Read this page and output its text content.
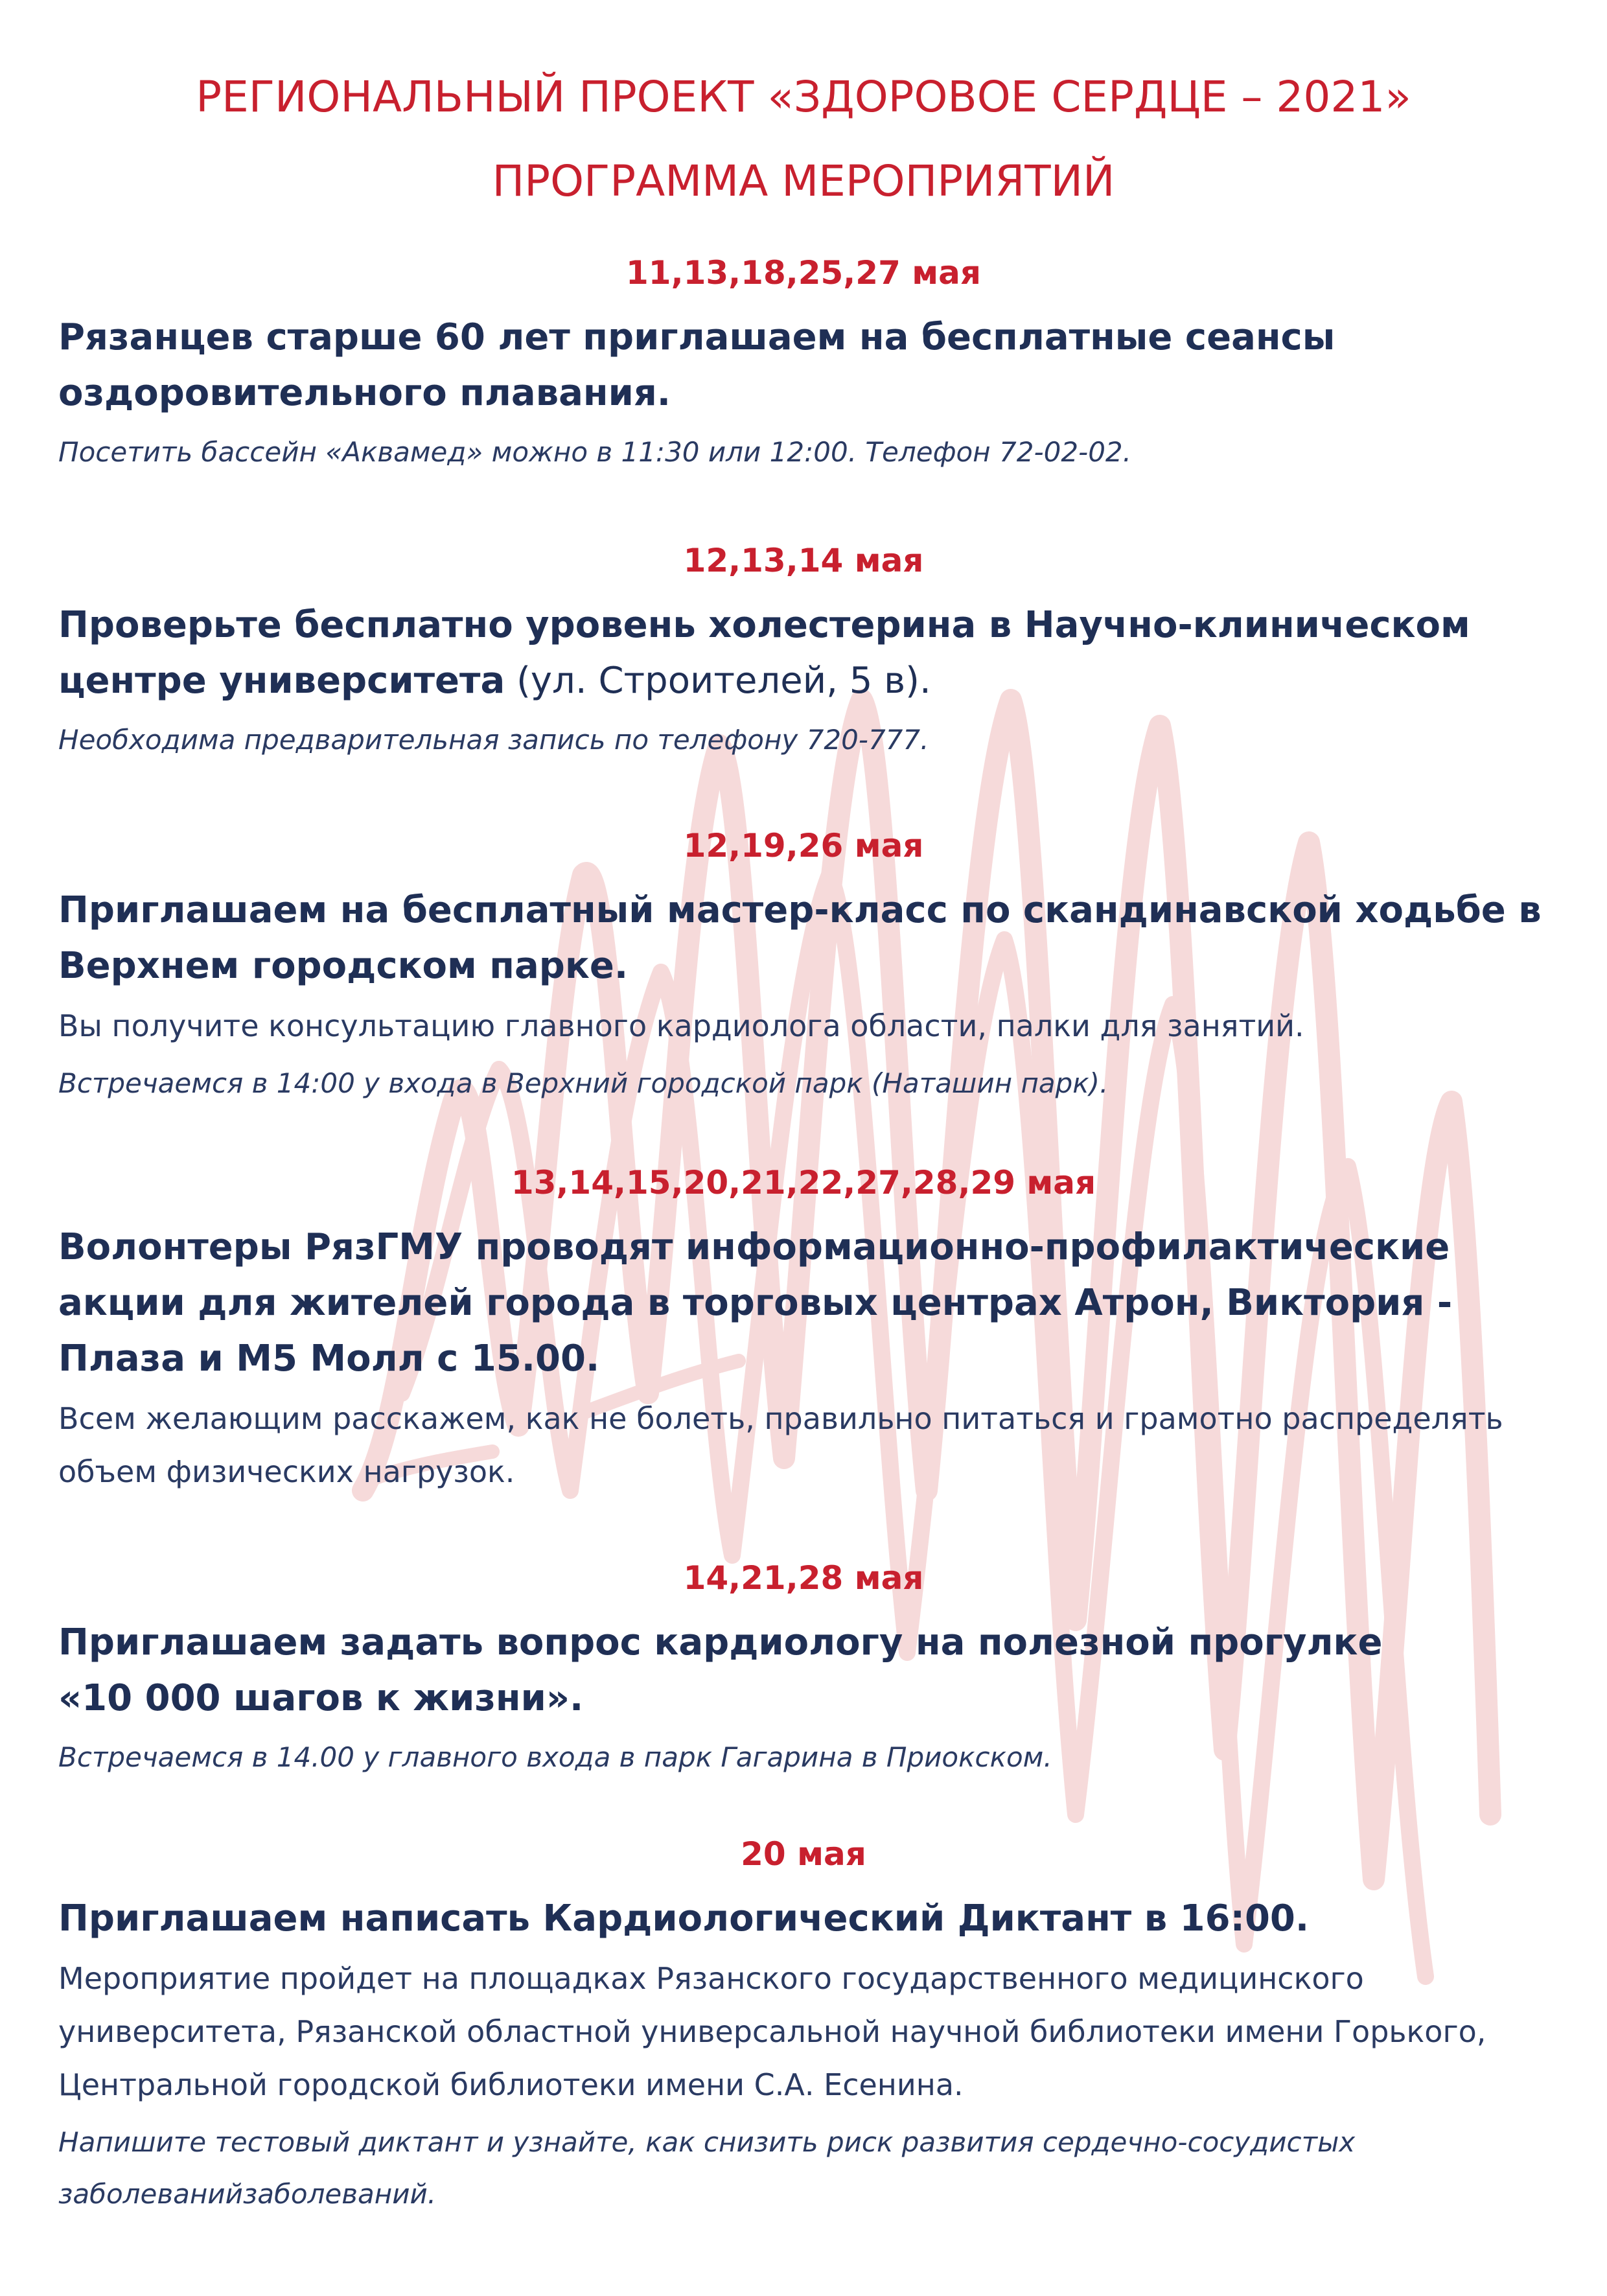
РЕГИОНАЛЬНЫЙ ПРОЕКТ «ЗДОРОВОЕ СЕРДЦЕ – 2021»
ПРОГРАММА МЕРОПРИЯТИЙ

11,13,18,25,27 мая

Рязанцев старше 60 лет приглашаем на бесплатные сеансы оздоровительного плавания.

Посетить бассейн «Аквамед» можно в 11:30 или 12:00. Телефон 72-02-02.

12,13,14 мая

Проверьте бесплатно уровень холестерина в Научно-клиническом центре университета (ул. Строителей, 5 в).

Необходима предварительная запись по телефону 720-777.

12,19,26 мая

Приглашаем на бесплатный мастер-класс по скандинавской ходьбе в Верхнем городском парке.

Вы получите консультацию главного кардиолога области, палки для занятий.

Встречаемся в 14:00 у входа в Верхний городской парк (Наташин парк).

13,14,15,20,21,22,27,28,29 мая

Волонтеры РязГМУ проводят информационно-профилактические акции для жителей города в торговых центрах Атрон, Виктория - Плаза и М5 Молл с 15.00.

Всем желающим расскажем, как не болеть, правильно питаться и грамотно распределять объем физических нагрузок.

14,21,28 мая

Приглашаем задать вопрос кардиологу на полезной прогулке
«10 000 шагов к жизни».

Встречаемся в 14.00 у главного входа в парк Гагарина в Приокском.

20 мая

Приглашаем написать Кардиологический Диктант в 16:00.

Мероприятие пройдет на площадках Рязанского государственного медицинского университета, Рязанской областной универсальной научной библиотеки имени Горького, Центральной городской библиотеки имени С.А. Есенина.

Напишите тестовый диктант и узнайте, как снизить риск развития сердечно-сосудистых заболеванийзаболеваний.
